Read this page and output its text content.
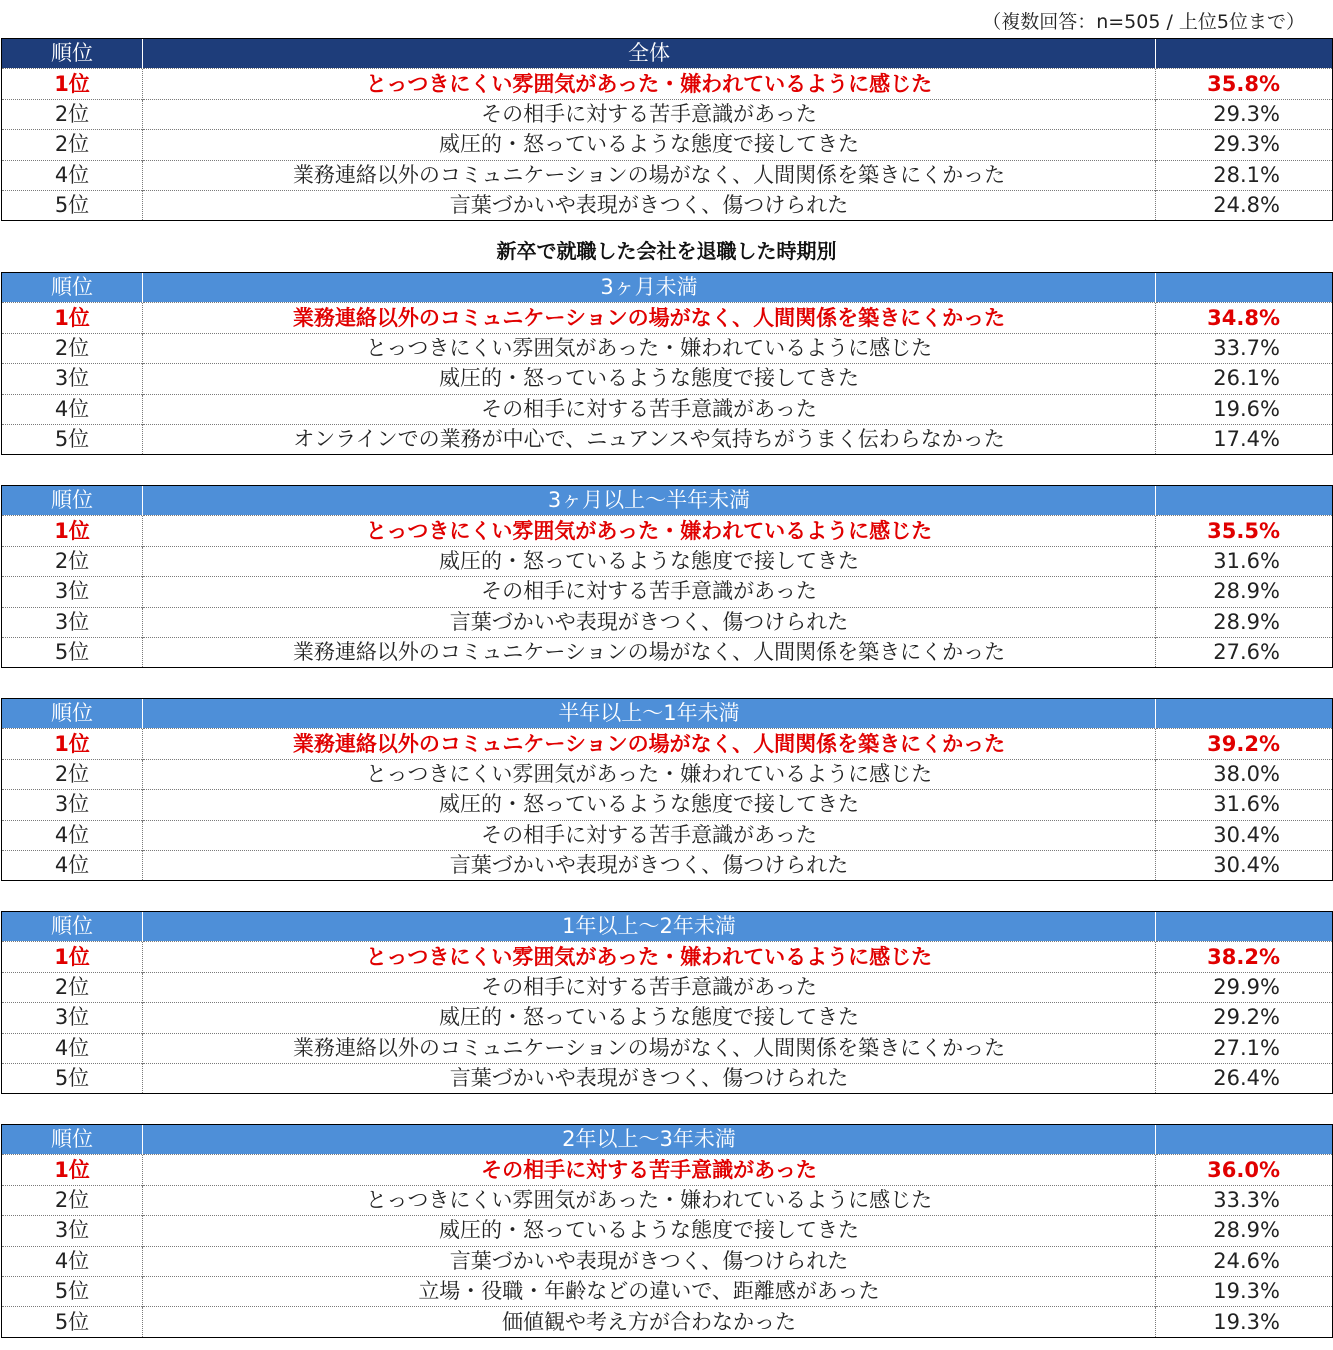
（複数回答：n=505 / 上位5位まで）
新卒で就職した会社を退職した時期別
順位	全体	
1位	とっつきにくい雰囲気があった・嫌われているように感じた	35.8%
2位	その相手に対する苦手意識があった	29.3%
2位	威圧的・怒っているような態度で接してきた	29.3%
4位	業務連絡以外のコミュニケーションの場がなく、人間関係を築きにくかった	28.1%
5位	言葉づかいや表現がきつく、傷つけられた	24.8%
順位	3ヶ月未満	
1位	業務連絡以外のコミュニケーションの場がなく、人間関係を築きにくかった	34.8%
2位	とっつきにくい雰囲気があった・嫌われているように感じた	33.7%
3位	威圧的・怒っているような態度で接してきた	26.1%
4位	その相手に対する苦手意識があった	19.6%
5位	オンラインでの業務が中心で、ニュアンスや気持ちがうまく伝わらなかった	17.4%
順位	3ヶ月以上～半年未満	
1位	とっつきにくい雰囲気があった・嫌われているように感じた	35.5%
2位	威圧的・怒っているような態度で接してきた	31.6%
3位	その相手に対する苦手意識があった	28.9%
3位	言葉づかいや表現がきつく、傷つけられた	28.9%
5位	業務連絡以外のコミュニケーションの場がなく、人間関係を築きにくかった	27.6%
順位	半年以上～1年未満	
1位	業務連絡以外のコミュニケーションの場がなく、人間関係を築きにくかった	39.2%
2位	とっつきにくい雰囲気があった・嫌われているように感じた	38.0%
3位	威圧的・怒っているような態度で接してきた	31.6%
4位	その相手に対する苦手意識があった	30.4%
4位	言葉づかいや表現がきつく、傷つけられた	30.4%
順位	1年以上～2年未満	
1位	とっつきにくい雰囲気があった・嫌われているように感じた	38.2%
2位	その相手に対する苦手意識があった	29.9%
3位	威圧的・怒っているような態度で接してきた	29.2%
4位	業務連絡以外のコミュニケーションの場がなく、人間関係を築きにくかった	27.1%
5位	言葉づかいや表現がきつく、傷つけられた	26.4%
順位	2年以上～3年未満	
1位	その相手に対する苦手意識があった	36.0%
2位	とっつきにくい雰囲気があった・嫌われているように感じた	33.3%
3位	威圧的・怒っているような態度で接してきた	28.9%
4位	言葉づかいや表現がきつく、傷つけられた	24.6%
5位	立場・役職・年齢などの違いで、距離感があった	19.3%
5位	価値観や考え方が合わなかった	19.3%
